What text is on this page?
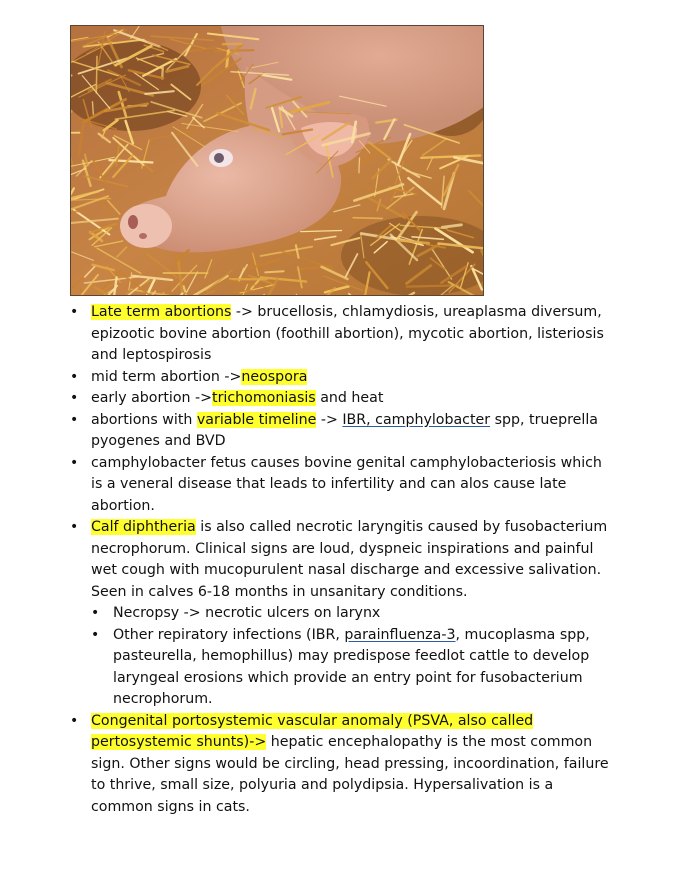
• Late term abortions -> brucellosis, chlamydiosis, ureaplasma diversum, epizootic bovine abortion (foothill abortion), mycotic abortion, listeriosis and leptospirosis
• mid term abortion ->neospora
• early abortion ->trichomoniasis and heat
• abortions with variable timeline -> IBR, camphylobacter spp, trueprella pyogenes and BVD
• camphylobacter fetus causes bovine genital camphylobacteriosis which is a veneral disease that leads to infertility and can alos cause late abortion.
• Calf diphtheria is also called necrotic laryngitis caused by fusobacterium necrophorum. Clinical signs are loud, dyspneic inspirations and painful wet cough with mucopurulent nasal discharge and excessive salivation. Seen in calves 6-18 months in unsanitary conditions.
• Necropsy -> necrotic ulcers on larynx
• Other repiratory infections (IBR, parainfluenza-3, mucoplasma spp, pasteurella, hemophillus) may predispose feedlot cattle to develop laryngeal erosions which provide an entry point for fusobacterium necrophorum.
• Congenital portosystemic vascular anomaly (PSVA, also called pertosystemic shunts)-> hepatic encephalopathy is the most common sign. Other signs would be circling, head pressing, incoordination, failure to thrive, small size, polyuria and polydipsia. Hypersalivation is a common signs in cats.
